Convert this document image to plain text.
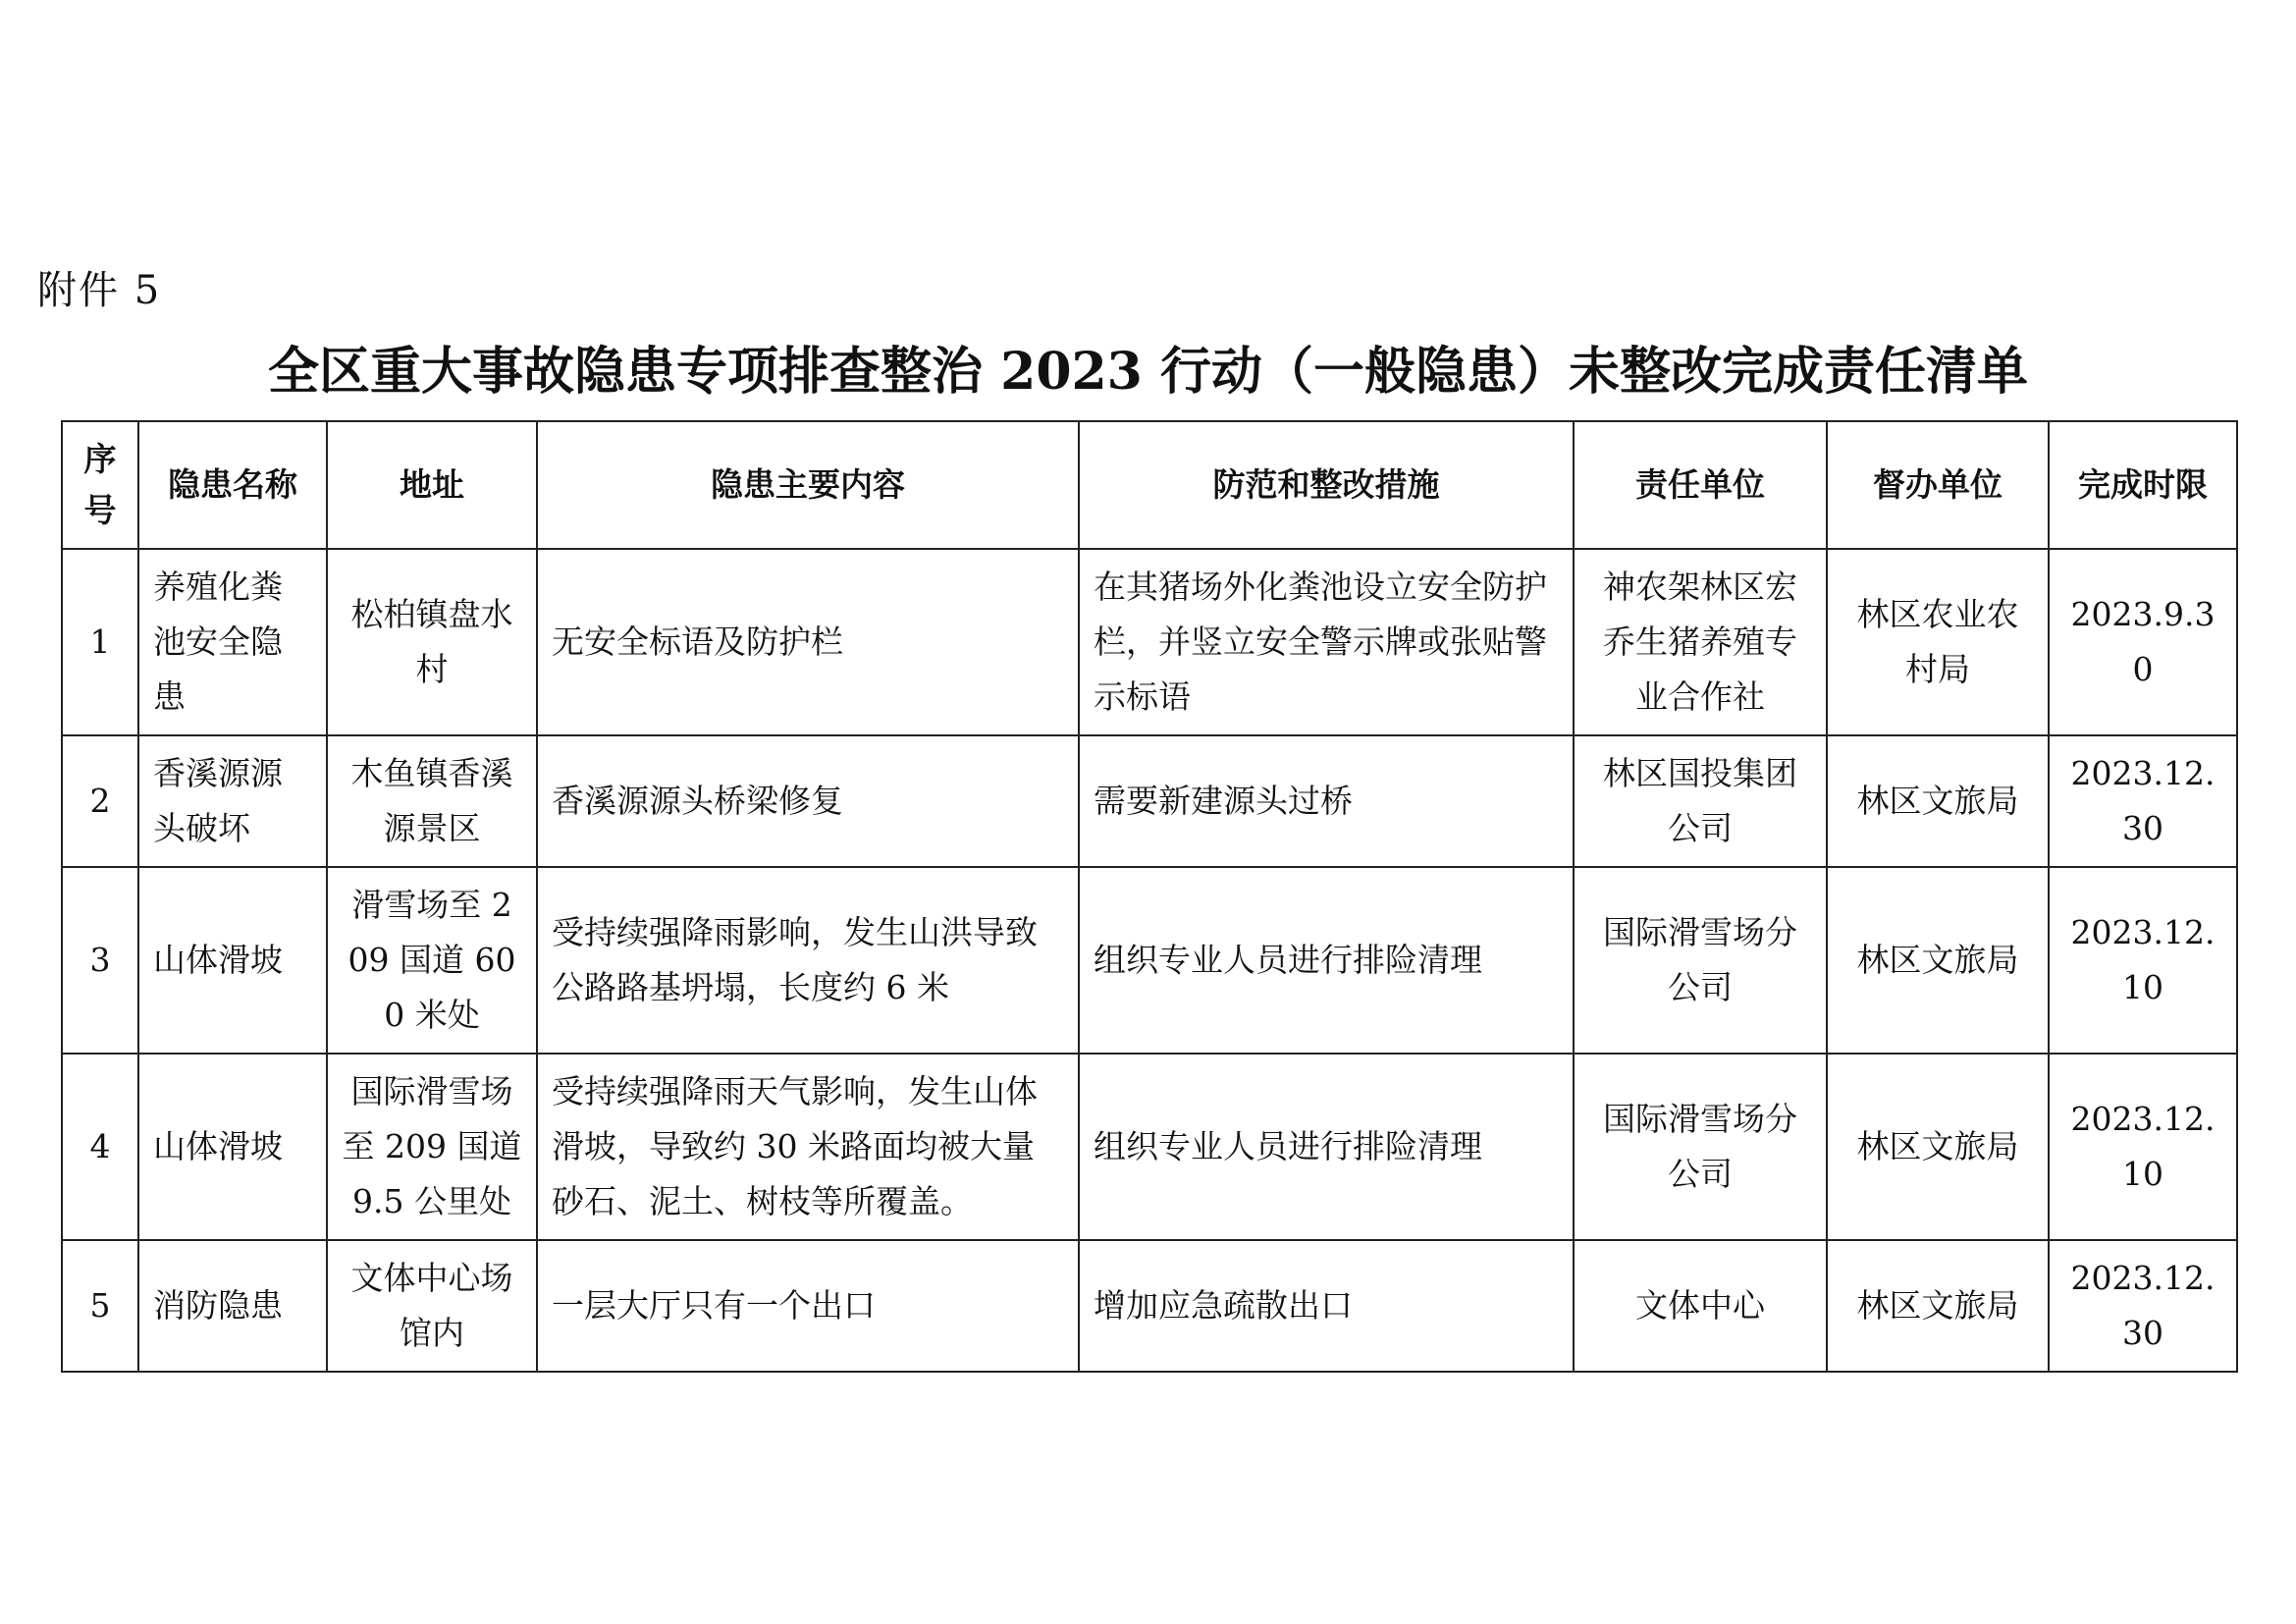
附件 5
全区重大事故隐患专项排查整治 2023 行动（一般隐患）未整改完成责任清单
序号	隐患名称	地址	隐患主要内容	防范和整改措施	责任单位	督办单位	完成时限
1	养殖化粪池安全隐患	松柏镇盘水村	无安全标语及防护栏	在其猪场外化粪池设立安全防护栏，并竖立安全警示牌或张贴警示标语	神农架林区宏乔生猪养殖专业合作社	林区农业农村局	2023.9.30
2	香溪源源头破坏	木鱼镇香溪源景区	香溪源源头桥梁修复	需要新建源头过桥	林区国投集团公司	林区文旅局	2023.12.30
3	山体滑坡	滑雪场至 209 国道 600 米处	受持续强降雨影响，发生山洪导致公路路基坍塌，长度约 6 米	组织专业人员进行排险清理	国际滑雪场分公司	林区文旅局	2023.12.10
4	山体滑坡	国际滑雪场至 209 国道 9.5 公里处	受持续强降雨天气影响，发生山体滑坡，导致约 30 米路面均被大量砂石、泥土、树枝等所覆盖。	组织专业人员进行排险清理	国际滑雪场分公司	林区文旅局	2023.12.10
5	消防隐患	文体中心场馆内	一层大厅只有一个出口	增加应急疏散出口	文体中心	林区文旅局	2023.12.30
